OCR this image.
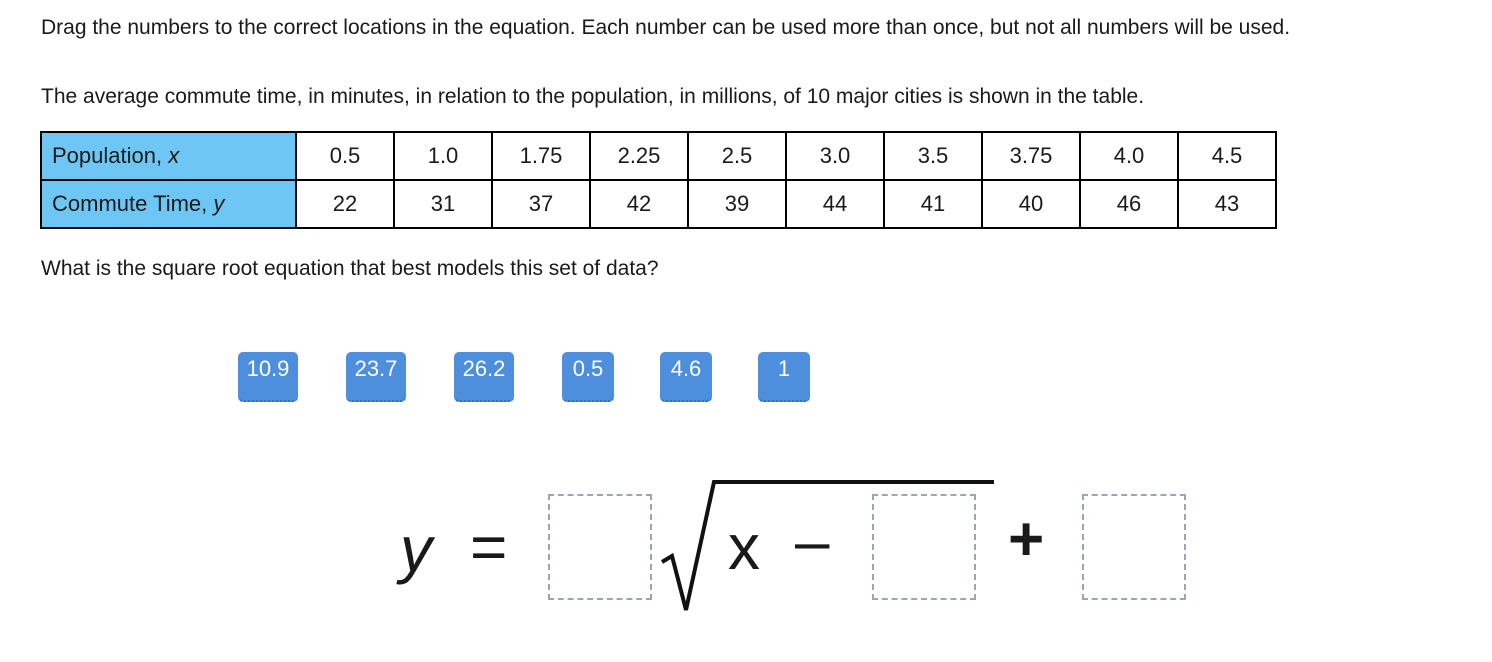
Drag the numbers to the correct locations in the equation. Each number can be used more than once, but not all numbers will be used.

The average commute time, in minutes, in relation to the population, in millions, of 10 major cities is shown in the table.

Population, x	0.5	1.0	1.75	2.25	2.5	3.0	3.5	3.75	4.0	4.5
Commute Time, y	22	31	37	42	39	44	41	40	46	43

What is the square root equation that best models this set of data?

10.9	23.7	26.2	0.5	4.6	1
y =	x –	+
